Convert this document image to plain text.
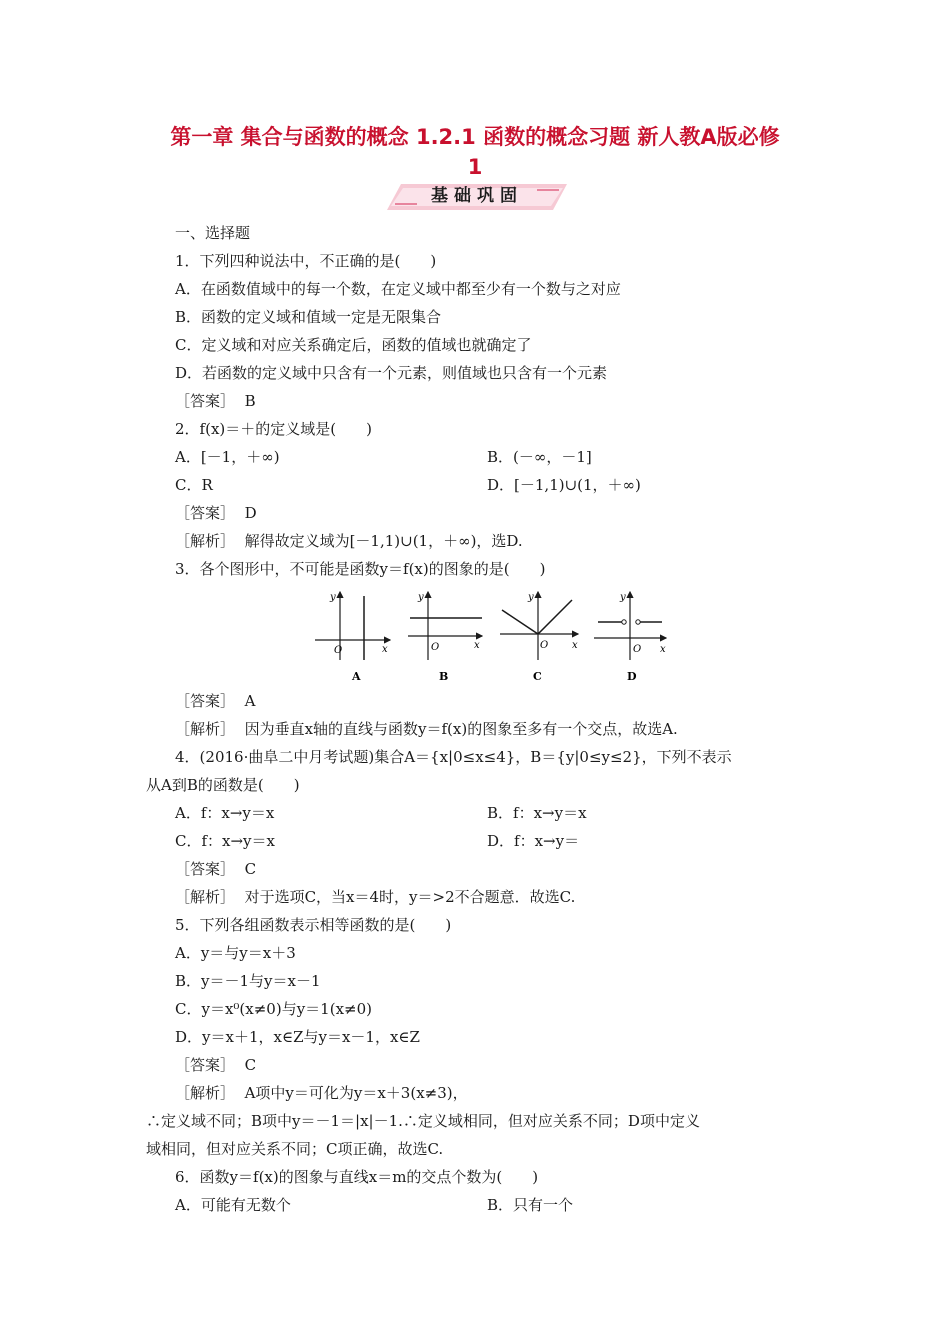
第一章 集合与函数的概念 1.2.1 函数的概念习题 新人教A版必修
1
基础巩固
一、选择题
1．下列四种说法中，不正确的是(　　)
A．在函数值域中的每一个数，在定义域中都至少有一个数与之对应
B．函数的定义域和值域一定是无限集合
C．定义域和对应关系确定后，函数的值域也就确定了
D．若函数的定义域中只含有一个元素，则值域也只含有一个元素
［答案］ B
2．f(x)＝＋的定义域是(　　)
A．[－1，＋∞)	B．(－∞，－1]
C．R	D．[－1,1)∪(1，＋∞)
［答案］ D
［解析］ 解得故定义域为[－1,1)∪(1，＋∞)，选D.
3．各个图形中，不可能是函数y＝f(x)的图象的是(　　)
y
x
O
A
y
x
O
B
y
x
O
C
y
x
O
D
［答案］ A
［解析］ 因为垂直x轴的直线与函数y＝f(x)的图象至多有一个交点，故选A.
4．(2016·曲阜二中月考试题)集合A＝{x|0≤x≤4}，B＝{y|0≤y≤2}，下列不表示
从A到B的函数是(　　)
A．f：x→y＝x	B．f：x→y＝x
C．f：x→y＝x	D．f：x→y＝
［答案］ C
［解析］ 对于选项C，当x＝4时，y＝>2不合题意．故选C.
5．下列各组函数表示相等函数的是(　　)
A．y＝与y＝x＋3
B．y＝－1与y＝x－1
C．y＝x⁰(x≠0)与y＝1(x≠0)
D．y＝x＋1，x∈Z与y＝x－1，x∈Z
［答案］ C
［解析］ A项中y＝可化为y＝x＋3(x≠3)，
∴定义域不同；B项中y＝－1＝|x|－1.∴定义域相同，但对应关系不同；D项中定义
域相同，但对应关系不同；C项正确，故选C.
6．函数y＝f(x)的图象与直线x＝m的交点个数为(　　)
A．可能有无数个	B．只有一个
